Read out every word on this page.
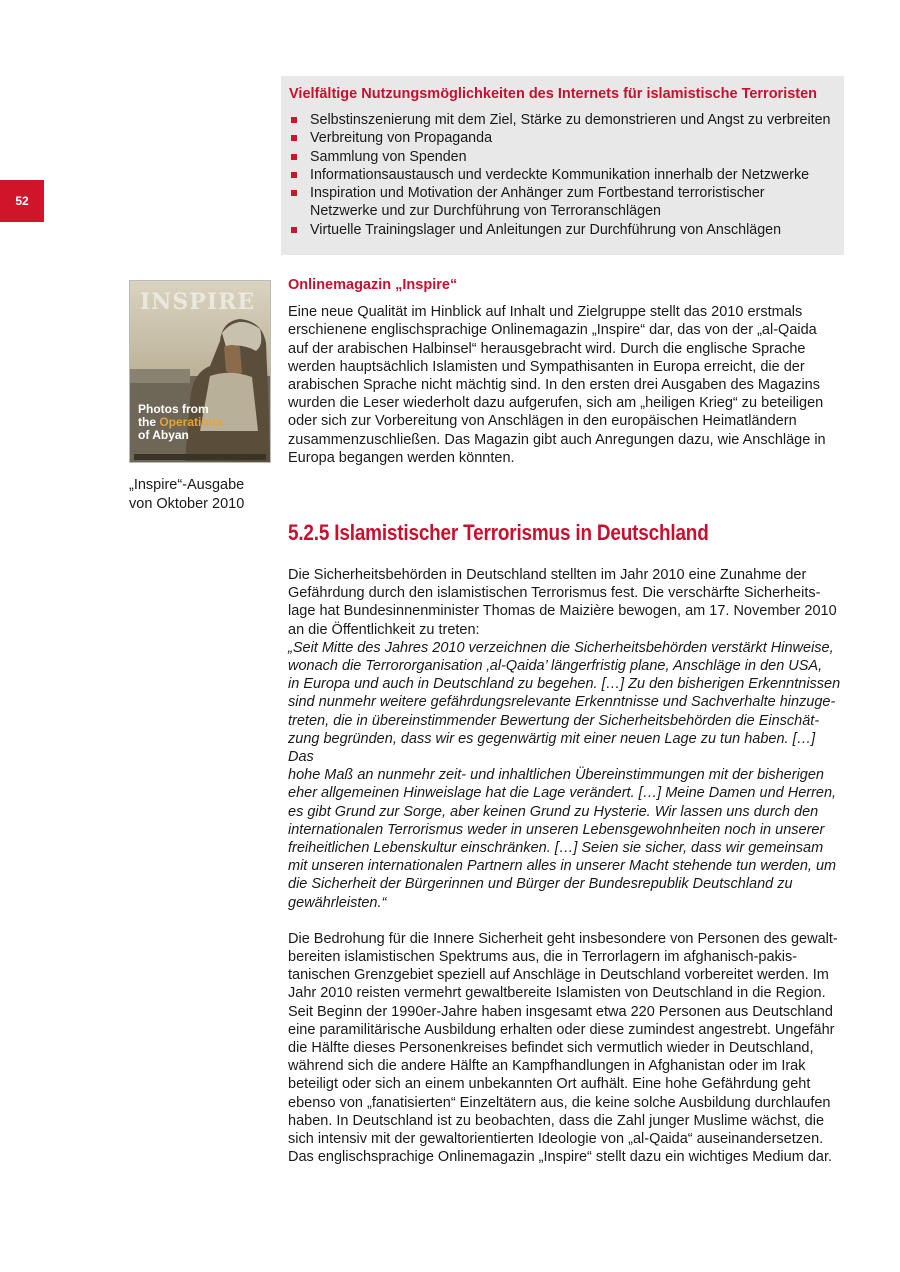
52
Vielfältige Nutzungsmöglichkeiten des Internets für islamistische Terroristen
Selbstinszenierung mit dem Ziel, Stärke zu demonstrieren und Angst zu verbreiten
Verbreitung von Propaganda
Sammlung von Spenden
Informationsaustausch und verdeckte Kommunikation innerhalb der Netzwerke
Inspiration und Motivation der Anhänger zum Fortbestand terroristischer
Netzwerke und zur Durchführung von Terroranschlägen
Virtuelle Trainingslager und Anleitungen zur Durchführung von Anschlägen
INSPIRE
Photos from
the Operations
of Abyan
„Inspire“-Ausgabe
von Oktober 2010
Onlinemagazin „Inspire“

Eine neue Qualität im Hinblick auf Inhalt und Zielgruppe stellt das 2010 erstmals
erschienene englischsprachige Onlinemagazin „Inspire“ dar, das von der „al-Qaida
auf der arabischen Halbinsel“ herausgebracht wird. Durch die englische Sprache
werden hauptsächlich Islamisten und Sympathisanten in Europa erreicht, die der
arabischen Sprache nicht mächtig sind. In den ersten drei Ausgaben des Magazins
wurden die Leser wiederholt dazu aufgerufen, sich am „heiligen Krieg“ zu beteiligen
oder sich zur Vorbereitung von Anschlägen in den europäischen Heimatländern
zusammenzuschließen. Das Magazin gibt auch Anregungen dazu, wie Anschläge in
Europa begangen werden könnten.

5.2.5 Islamistischer Terrorismus in Deutschland

Die Sicherheitsbehörden in Deutschland stellten im Jahr 2010 eine Zunahme der
Gefährdung durch den islamistischen Terrorismus fest. Die verschärfte Sicherheits-
lage hat Bundesinnenminister Thomas de Maizière bewogen, am 17. November 2010
an die Öffentlichkeit zu treten:

„Seit Mitte des Jahres 2010 verzeichnen die Sicherheitsbehörden verstärkt Hinweise,
wonach die Terrororganisation ‚al-Qaida’ längerfristig plane, Anschläge in den USA,
in Europa und auch in Deutschland zu begehen. […] Zu den bisherigen Erkenntnissen
sind nunmehr weitere gefährdungsrelevante Erkenntnisse und Sachverhalte hinzuge-
treten, die in übereinstimmender Bewertung der Sicherheitsbehörden die Einschät-
zung begründen, dass wir es gegenwärtig mit einer neuen Lage zu tun haben. […] Das
hohe Maß an nunmehr zeit- und inhaltlichen Übereinstimmungen mit der bisherigen
eher allgemeinen Hinweislage hat die Lage verändert. […] Meine Damen und Herren,
es gibt Grund zur Sorge, aber keinen Grund zu Hysterie. Wir lassen uns durch den
internationalen Terrorismus weder in unseren Lebensgewohnheiten noch in unserer
freiheitlichen Lebenskultur einschränken. […] Seien sie sicher, dass wir gemeinsam
mit unseren internationalen Partnern alles in unserer Macht stehende tun werden, um
die Sicherheit der Bürgerinnen und Bürger der Bundesrepublik Deutschland zu
gewährleisten.“

Die Bedrohung für die Innere Sicherheit geht insbesondere von Personen des gewalt-
bereiten islamistischen Spektrums aus, die in Terrorlagern im afghanisch-pakis-
tanischen Grenzgebiet speziell auf Anschläge in Deutschland vorbereitet werden. Im
Jahr 2010 reisten vermehrt gewaltbereite Islamisten von Deutschland in die Region.
Seit Beginn der 1990er-Jahre haben insgesamt etwa 220 Personen aus Deutschland
eine paramilitärische Ausbildung erhalten oder diese zumindest angestrebt. Ungefähr
die Hälfte dieses Personenkreises befindet sich vermutlich wieder in Deutschland,
während sich die andere Hälfte an Kampfhandlungen in Afghanistan oder im Irak
beteiligt oder sich an einem unbekannten Ort aufhält. Eine hohe Gefährdung geht
ebenso von „fanatisierten“ Einzeltätern aus, die keine solche Ausbildung durchlaufen
haben. In Deutschland ist zu beobachten, dass die Zahl junger Muslime wächst, die
sich intensiv mit der gewaltorientierten Ideologie von „al-Qaida“ auseinandersetzen.
Das englischsprachige Onlinemagazin „Inspire“ stellt dazu ein wichtiges Medium dar.
